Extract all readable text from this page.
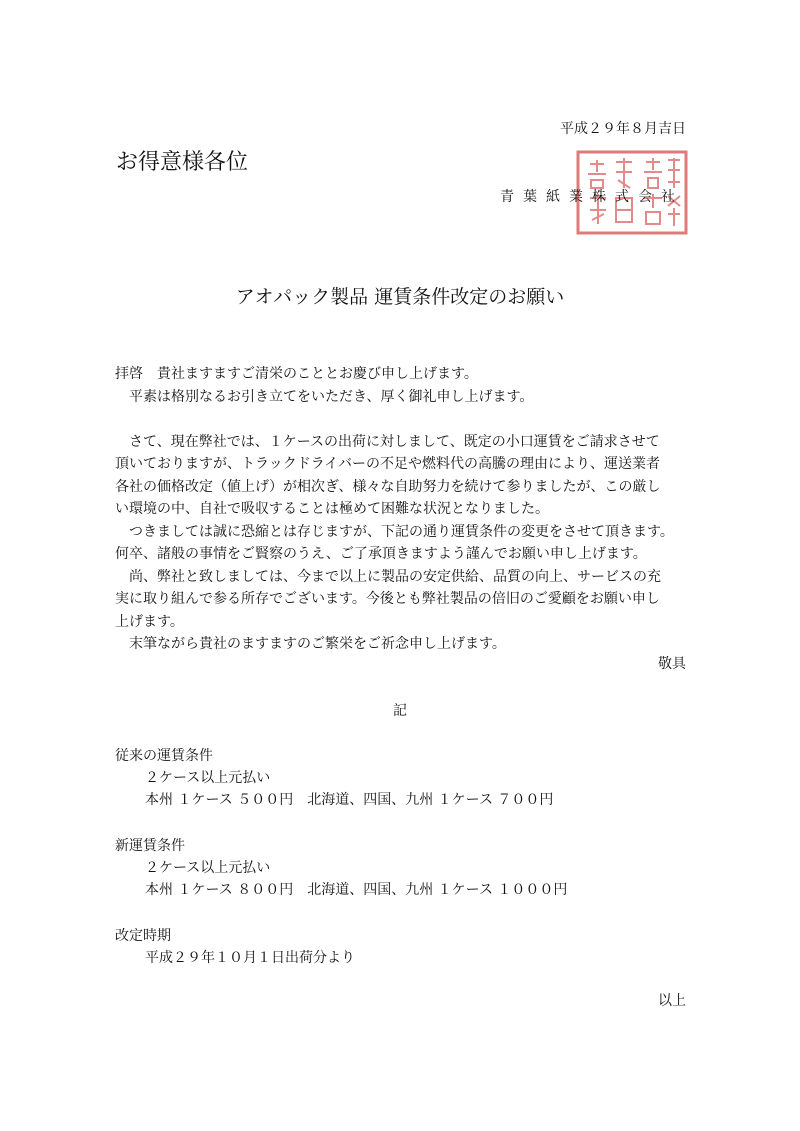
平成２９年８月吉日
お得意様各位
青葉紙業株式会社
アオパック製品 運賃条件改定のお願い

拝啓　貴社ますますご清栄のこととお慶び申し上げます。

　平素は格別なるお引き立てをいただき、厚く御礼申し上げます。

　さて、現在弊社では、１ケースの出荷に対しまして、既定の小口運賃をご請求させて

頂いておりますが、トラックドライバーの不足や燃料代の高騰の理由により、運送業者

各社の価格改定（値上げ）が相次ぎ、様々な自助努力を続けて参りましたが、この厳し

い環境の中、自社で吸収することは極めて困難な状況となりました。

　つきましては誠に恐縮とは存じますが、下記の通り運賃条件の変更をさせて頂きます。

何卒、諸般の事情をご賢察のうえ、ご了承頂きますよう謹んでお願い申し上げます。

　尚、弊社と致しましては、今まで以上に製品の安定供給、品質の向上、サービスの充

実に取り組んで参る所存でございます。今後とも弊社製品の倍旧のご愛顧をお願い申し

上げます。

　末筆ながら貴社のますますのご繁栄をご祈念申し上げます。

敬具
記
従来の運賃条件
２ケース以上元払い
本州 １ケース ５００円　北海道、四国、九州 １ケース ７００円
新運賃条件
２ケース以上元払い
本州 １ケース ８００円　北海道、四国、九州 １ケース １０００円
改定時期
平成２９年１０月１日出荷分より
以上
